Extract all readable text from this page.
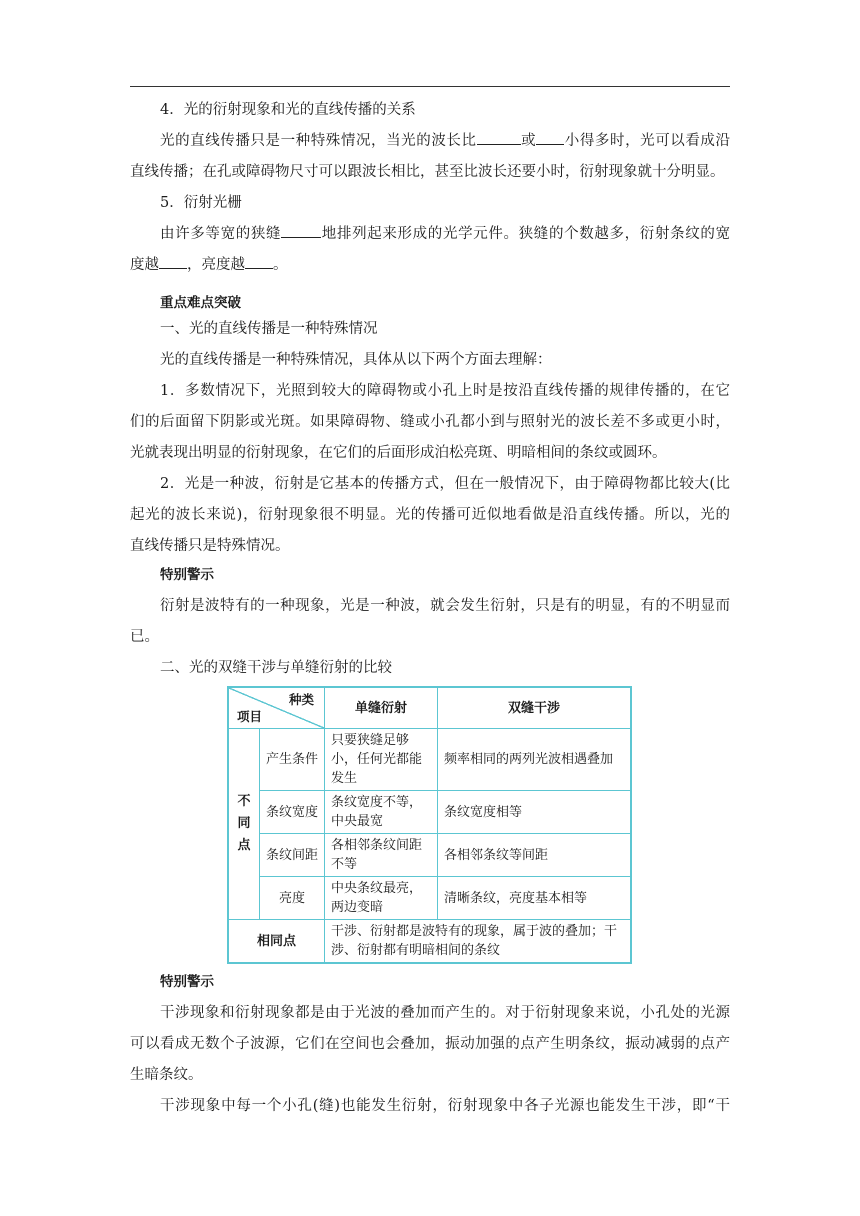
4．光的衍射现象和光的直线传播的关系
光的直线传播只是一种特殊情况，当光的波长比	或 小得多时，光可以看成沿
直线传播；在孔或障碍物尺寸可以跟波长相比，甚至比波长还要小时，衍射现象就十分明显。
5．衍射光栅
由许多等宽的狭缝	地排列起来形成的光学元件。狭缝的个数越多，衍射条纹的宽
度越 ，亮度越 。
重点难点突破
一、光的直线传播是一种特殊情况
光的直线传播是一种特殊情况，具体从以下两个方面去理解：
1．多数情况下，光照到较大的障碍物或小孔上时是按沿直线传播的规律传播的，在它
们的后面留下阴影或光斑。如果障碍物、缝或小孔都小到与照射光的波长差不多或更小时，
光就表现出明显的衍射现象，在它们的后面形成泊松亮斑、明暗相间的条纹或圆环。
2．光是一种波，衍射是它基本的传播方式，但在一般情况下，由于障碍物都比较大(比
起光的波长来说)，衍射现象很不明显。光的传播可近似地看做是沿直线传播。所以，光的
直线传播只是特殊情况。
特别警示
衍射是波特有的一种现象，光是一种波，就会发生衍射，只是有的明显，有的不明显而
已。
二、光的双缝干涉与单缝衍射的比较
种类
项目		单缝衍射	双缝干涉
不
同
点	产生条件	只要狭缝足够小，任何光都能发生	频率相同的两列光波相遇叠加
	条纹宽度	条纹宽度不等，中央最宽	条纹宽度相等
	条纹间距	各相邻条纹间距不等	各相邻条纹等间距
	亮度	中央条纹最亮，两边变暗	清晰条纹，亮度基本相等
相同点		干涉、衍射都是波特有的现象，属于波的叠加；干涉、衍射都有明暗相间的条纹	
特别警示
干涉现象和衍射现象都是由于光波的叠加而产生的。对于衍射现象来说，小孔处的光源
可以看成无数个子波源，它们在空间也会叠加，振动加强的点产生明条纹，振动减弱的点产
生暗条纹。
干涉现象中每一个小孔(缝)也能发生衍射，衍射现象中各子光源也能发生干涉，即“干
